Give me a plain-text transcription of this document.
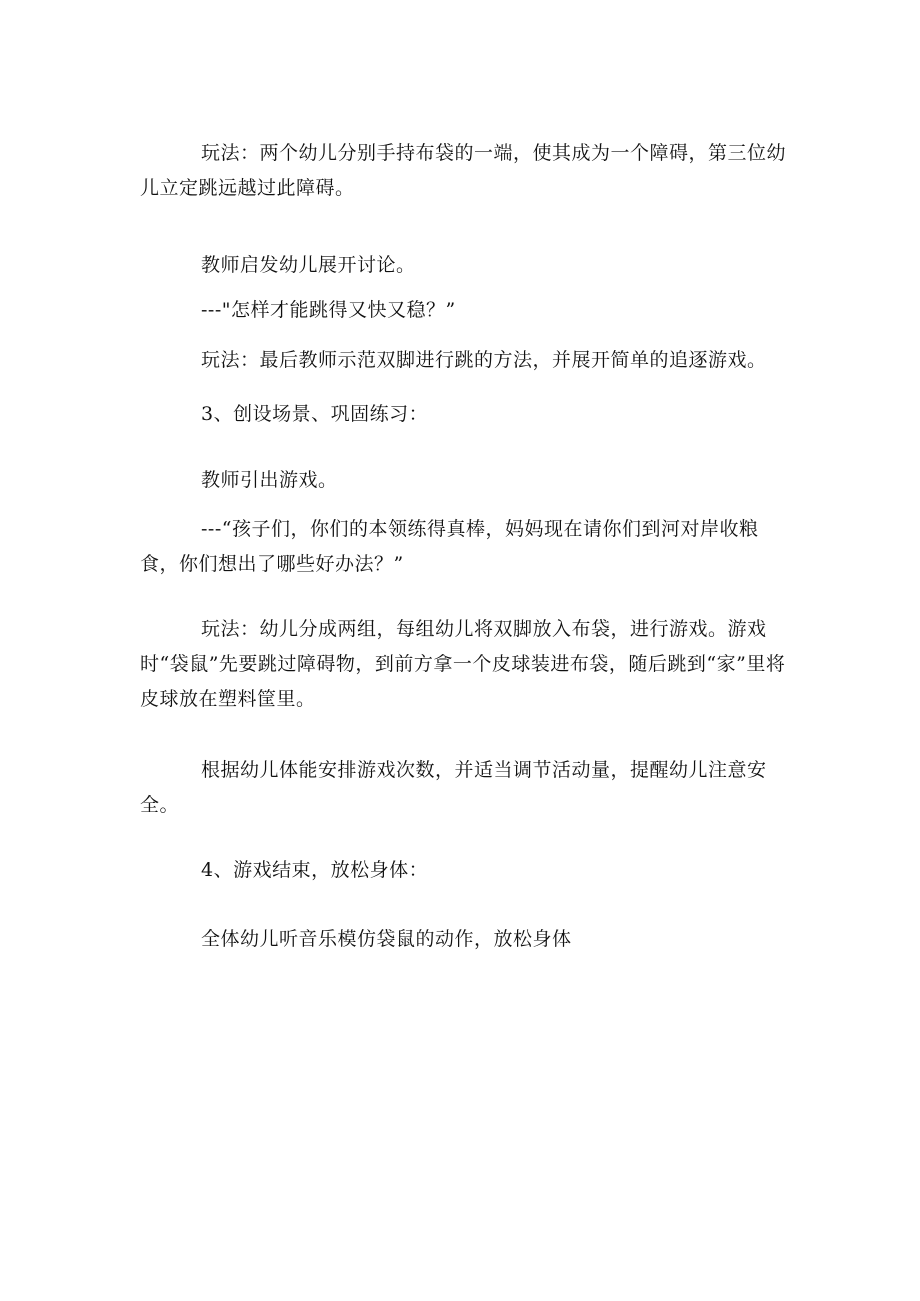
玩法：两个幼儿分别手持布袋的一端，使其成为一个障碍，第三位幼儿立定跳远越过此障碍。

教师启发幼儿展开讨论。

---"怎样才能跳得又快又稳？”

玩法：最后教师示范双脚进行跳的方法，并展开简单的追逐游戏。

3、创设场景、巩固练习：

教师引出游戏。

---“孩子们，你们的本领练得真棒，妈妈现在请你们到河对岸收粮食，你们想出了哪些好办法？”

玩法：幼儿分成两组，每组幼儿将双脚放入布袋，进行游戏。游戏时“袋鼠”先要跳过障碍物，到前方拿一个皮球装进布袋，随后跳到“家”里将皮球放在塑料筐里。

根据幼儿体能安排游戏次数，并适当调节活动量，提醒幼儿注意安全。

4、游戏结束，放松身体：

全体幼儿听音乐模仿袋鼠的动作，放松身体
